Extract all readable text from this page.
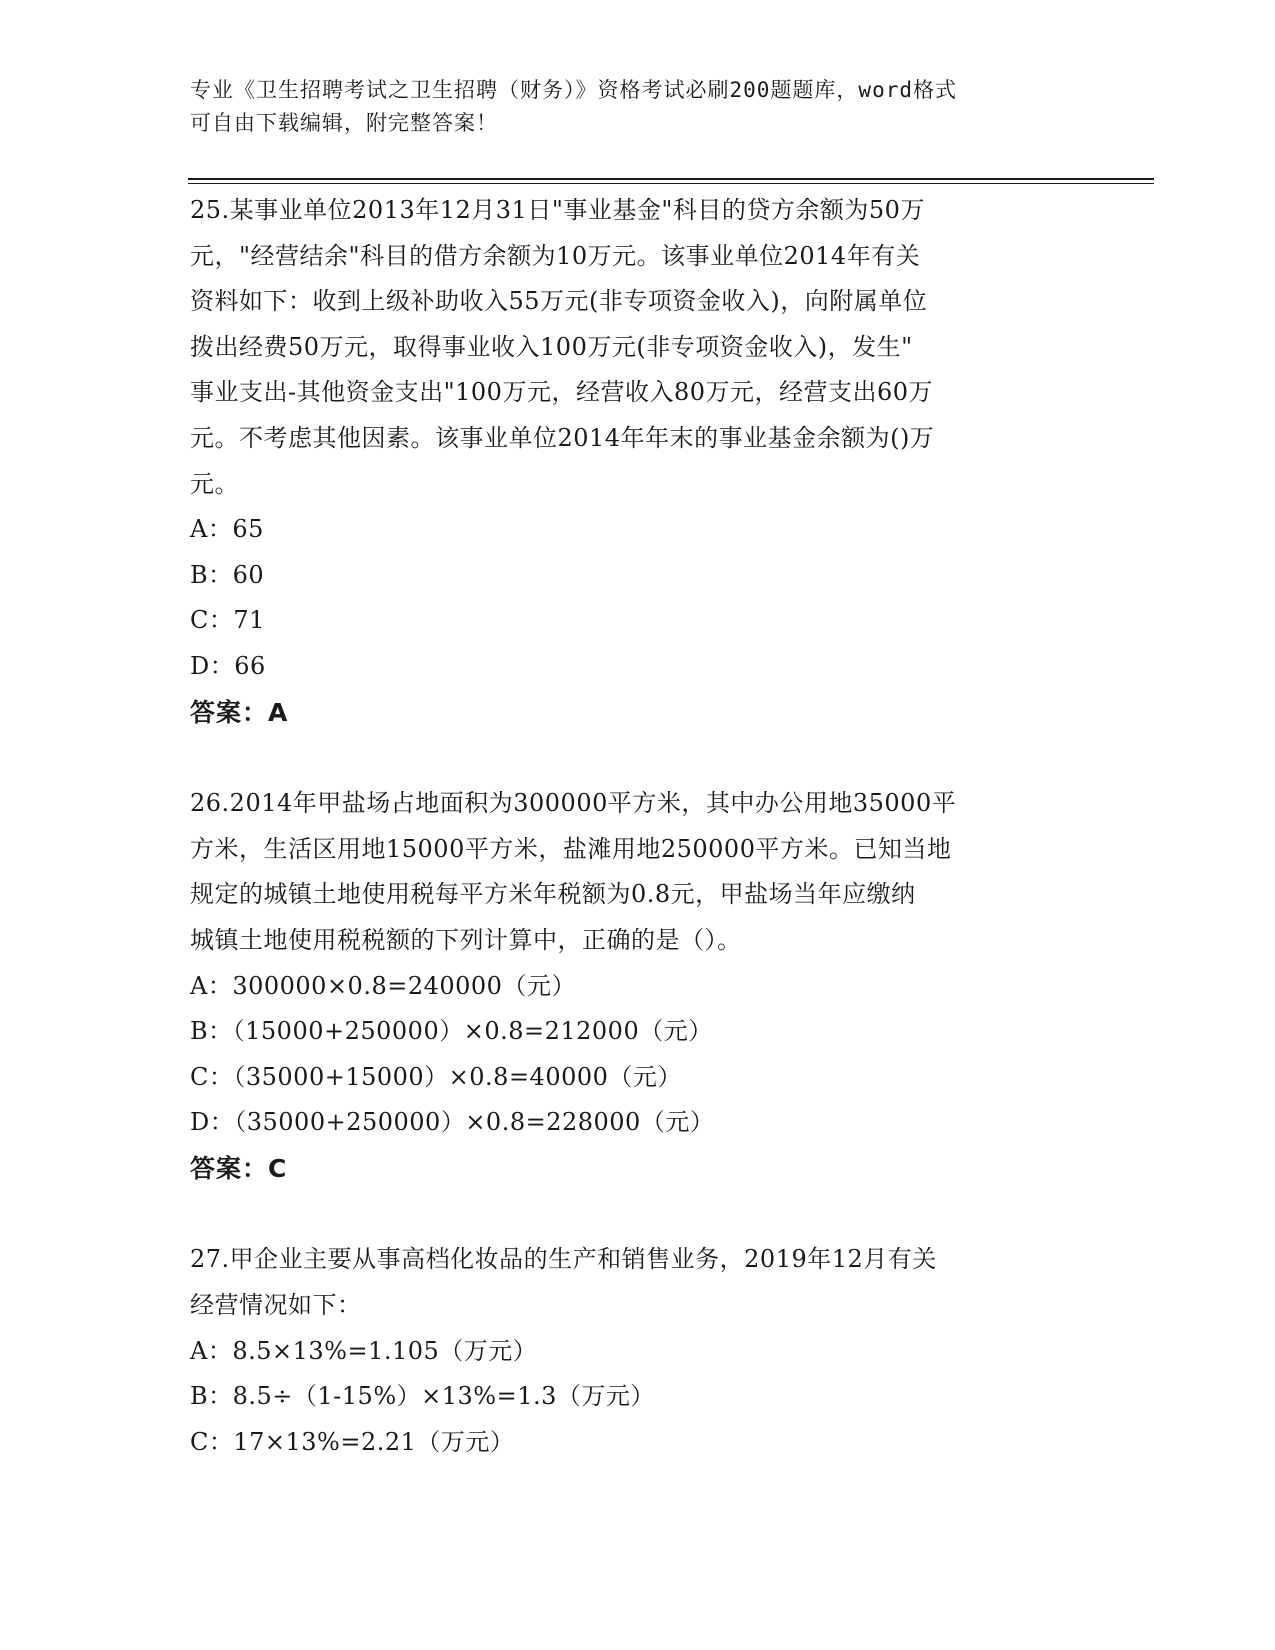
专业《卫生招聘考试之卫生招聘（财务）》资格考试必刷200题题库，word格式
可自由下载编辑，附完整答案！
25.某事业单位2013年12月31日"事业基金"科目的贷方余额为50万
元，"经营结余"科目的借方余额为10万元。该事业单位2014年有关
资料如下：收到上级补助收入55万元(非专项资金收入)，向附属单位
拨出经费50万元，取得事业收入100万元(非专项资金收入)，发生"
事业支出-其他资金支出"100万元，经营收入80万元，经营支出60万
元。不考虑其他因素。该事业单位2014年年末的事业基金余额为()万
元。
A：65
B：60
C：71
D：66
答案：A
26.2014年甲盐场占地面积为300000平方米，其中办公用地35000平
方米，生活区用地15000平方米，盐滩用地250000平方米。已知当地
规定的城镇土地使用税每平方米年税额为0.8元，甲盐场当年应缴纳
城镇土地使用税税额的下列计算中，正确的是（）。
A：300000×0.8=240000（元）
B：（15000+250000）×0.8=212000（元）
C：（35000+15000）×0.8=40000（元）
D：（35000+250000）×0.8=228000（元）
答案：C
27.甲企业主要从事高档化妆品的生产和销售业务，2019年12月有关
经营情况如下：
A：8.5×13%=1.105（万元）
B：8.5÷（1-15%）×13%=1.3（万元）
C：17×13%=2.21（万元）
